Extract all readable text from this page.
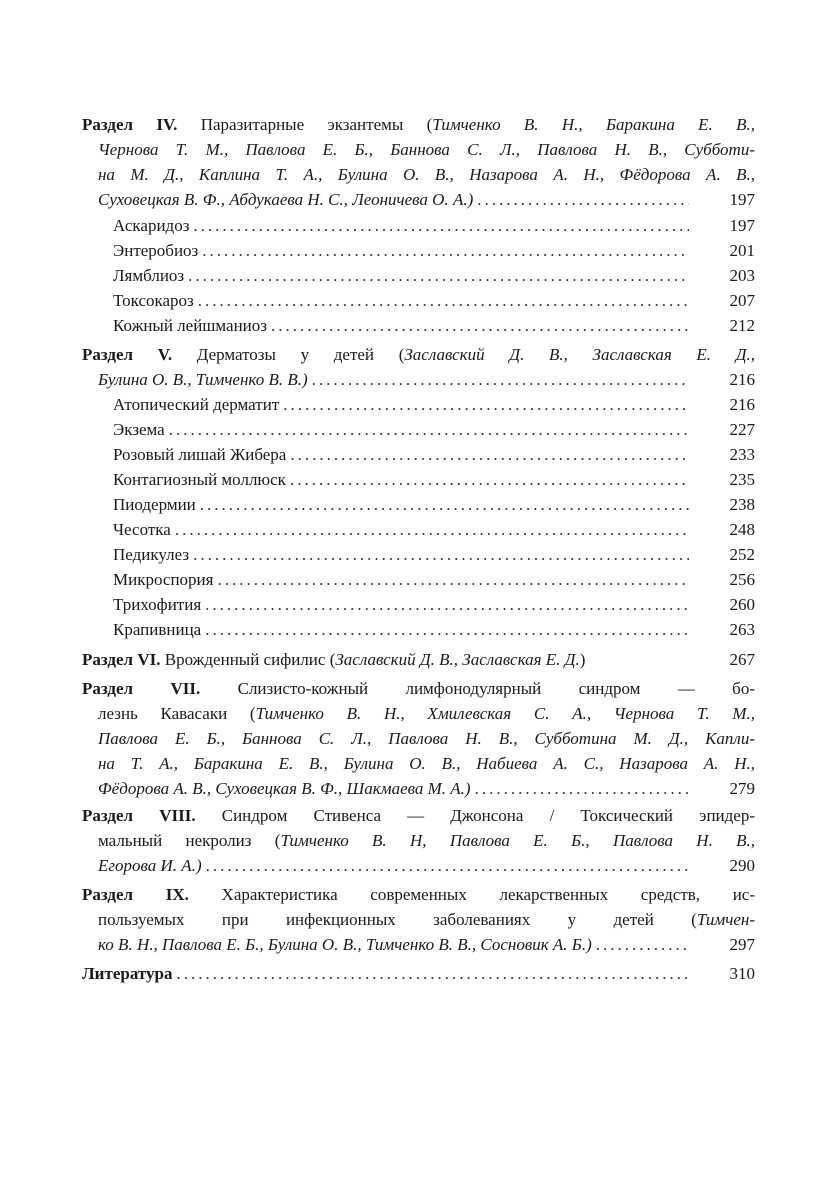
Раздел IV. Паразитарные экзантемы (Тимченко В. Н., Баракина Е. В.,
Чернова Т. М., Павлова Е. Б., Баннова С. Л., Павлова Н. В., Субботи-
на М. Д., Каплина Т. А., Булина О. В., Назарова А. Н., Фёдорова А. В.,
Суховецкая В. Ф., Абдукаева Н. С., Леоничева О. А.) .....	197
Аскаридоз .....	197
Энтеробиоз .....	201
Лямблиоз .....	203
Токсокароз .....	207
Кожный лейшманиоз .....	212
Раздел V. Дерматозы у детей (Заславский Д. В., Заславская Е. Д.,
Булина О. В., Тимченко В. В.) .....	216
Атопический дерматит .....	216
Экзема .....	227
Розовый лишай Жибера .....	233
Контагиозный моллюск .....	235
Пиодермии .....	238
Чесотка .....	248
Педикулез .....	252
Микроспория .....	256
Трихофития .....	260
Крапивница .....	263
Раздел VI. Врожденный сифилис (Заславский Д. В., Заславская Е. Д.)	267
Раздел VII. Слизисто-кожный лимфонодулярный синдром — бо-
лезнь Кавасаки (Тимченко В. Н., Хмилевская С. А., Чернова Т. М.,
Павлова Е. Б., Баннова С. Л., Павлова Н. В., Субботина М. Д., Капли-
на Т. А., Баракина Е. В., Булина О. В., Набиева А. С., Назарова А. Н.,
Фёдорова А. В., Суховецкая В. Ф., Шакмаева М. А.) .....	279
Раздел VIII. Синдром Стивенса — Джонсона / Токсический эпидер-
мальный некролиз (Тимченко В. Н, Павлова Е. Б., Павлова Н. В.,
Егорова И. А.) .....	290
Раздел IX. Характеристика современных лекарственных средств, ис-
пользуемых при инфекционных заболеваниях у детей (Тимчен-
ко В. Н., Павлова Е. Б., Булина О. В., Тимченко В. В., Сосновик А. Б.) .....	297
Литература .....	310
